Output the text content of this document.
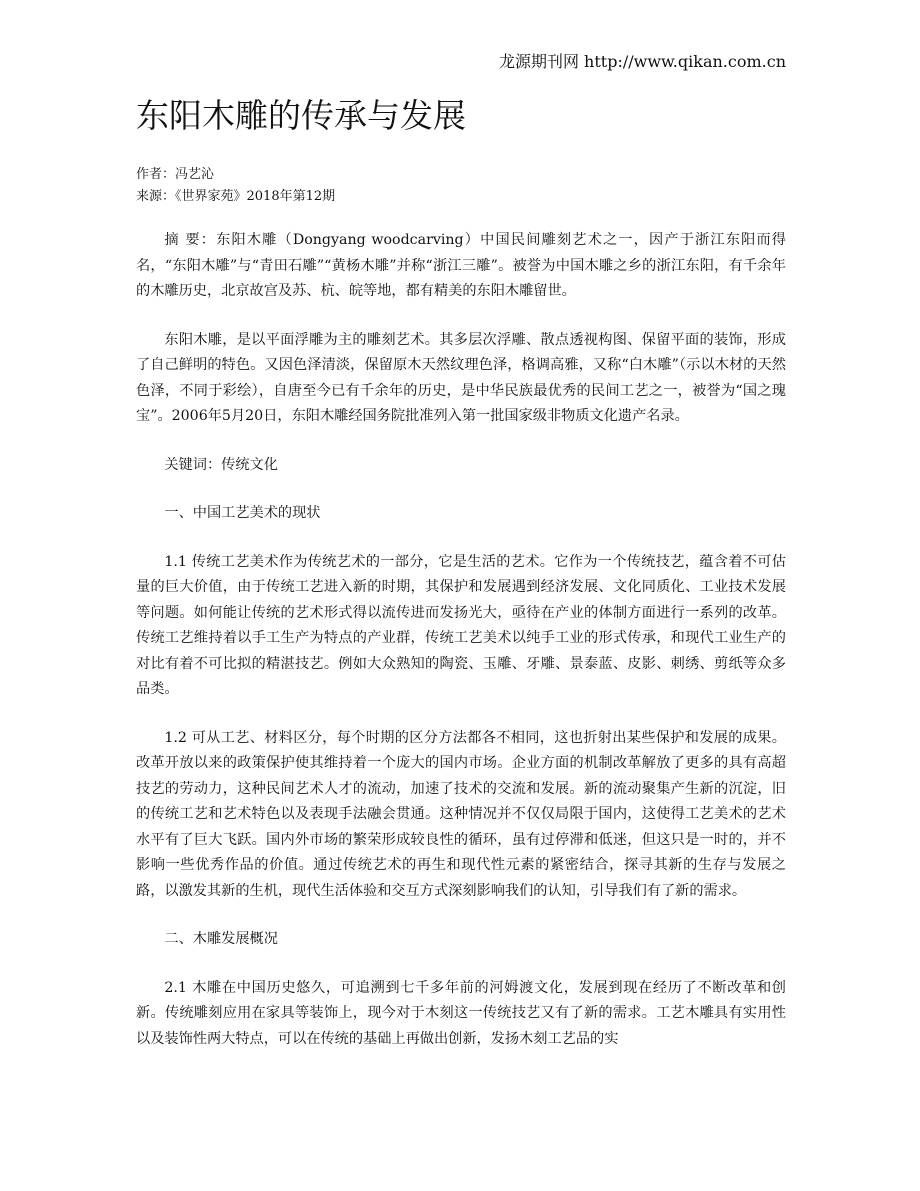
龙源期刊网 http://www.qikan.com.cn
东阳木雕的传承与发展
作者：冯艺沁
来源：《世界家苑》2018年第12期

摘 要：东阳木雕（Dongyang woodcarving）中国民间雕刻艺术之一，因产于浙江东阳而得名，“东阳木雕”与“青田石雕”“黄杨木雕”并称“浙江三雕”。被誉为中国木雕之乡的浙江东阳，有千余年的木雕历史，北京故宫及苏、杭、皖等地，都有精美的东阳木雕留世。

东阳木雕，是以平面浮雕为主的雕刻艺术。其多层次浮雕、散点透视构图、保留平面的装饰，形成了自己鲜明的特色。又因色泽清淡，保留原木天然纹理色泽，格调高雅，又称“白木雕”（示以木材的天然色泽，不同于彩绘），自唐至今已有千余年的历史，是中华民族最优秀的民间工艺之一，被誉为“国之瑰宝”。2006年5月20日，东阳木雕经国务院批准列入第一批国家级非物质文化遗产名录。

关键词：传统文化

一、中国工艺美术的现状

1.1 传统工艺美术作为传统艺术的一部分，它是生活的艺术。它作为一个传统技艺，蕴含着不可估量的巨大价值，由于传统工艺进入新的时期，其保护和发展遇到经济发展、文化同质化、工业技术发展等问题。如何能让传统的艺术形式得以流传进而发扬光大，亟待在产业的体制方面进行一系列的改革。传统工艺维持着以手工生产为特点的产业群，传统工艺美术以纯手工业的形式传承，和现代工业生产的对比有着不可比拟的精湛技艺。例如大众熟知的陶瓷、玉雕、牙雕、景泰蓝、皮影、刺绣、剪纸等众多品类。

1.2 可从工艺、材料区分，每个时期的区分方法都各不相同，这也折射出某些保护和发展的成果。改革开放以来的政策保护使其维持着一个庞大的国内市场。企业方面的机制改革解放了更多的具有高超技艺的劳动力，这种民间艺术人才的流动，加速了技术的交流和发展。新的流动聚集产生新的沉淀，旧的传统工艺和艺术特色以及表现手法融会贯通。这种情况并不仅仅局限于国内，这使得工艺美术的艺术水平有了巨大飞跃。国内外市场的繁荣形成较良性的循环，虽有过停滞和低迷，但这只是一时的，并不影响一些优秀作品的价值。通过传统艺术的再生和现代性元素的紧密结合，探寻其新的生存与发展之路，以激发其新的生机，现代生活体验和交互方式深刻影响我们的认知，引导我们有了新的需求。

二、木雕发展概况

2.1 木雕在中国历史悠久，可追溯到七千多年前的河姆渡文化，发展到现在经历了不断改革和创新。传统雕刻应用在家具等装饰上，现今对于木刻这一传统技艺又有了新的需求。工艺木雕具有实用性以及装饰性两大特点，可以在传统的基础上再做出创新，发扬木刻工艺品的实
